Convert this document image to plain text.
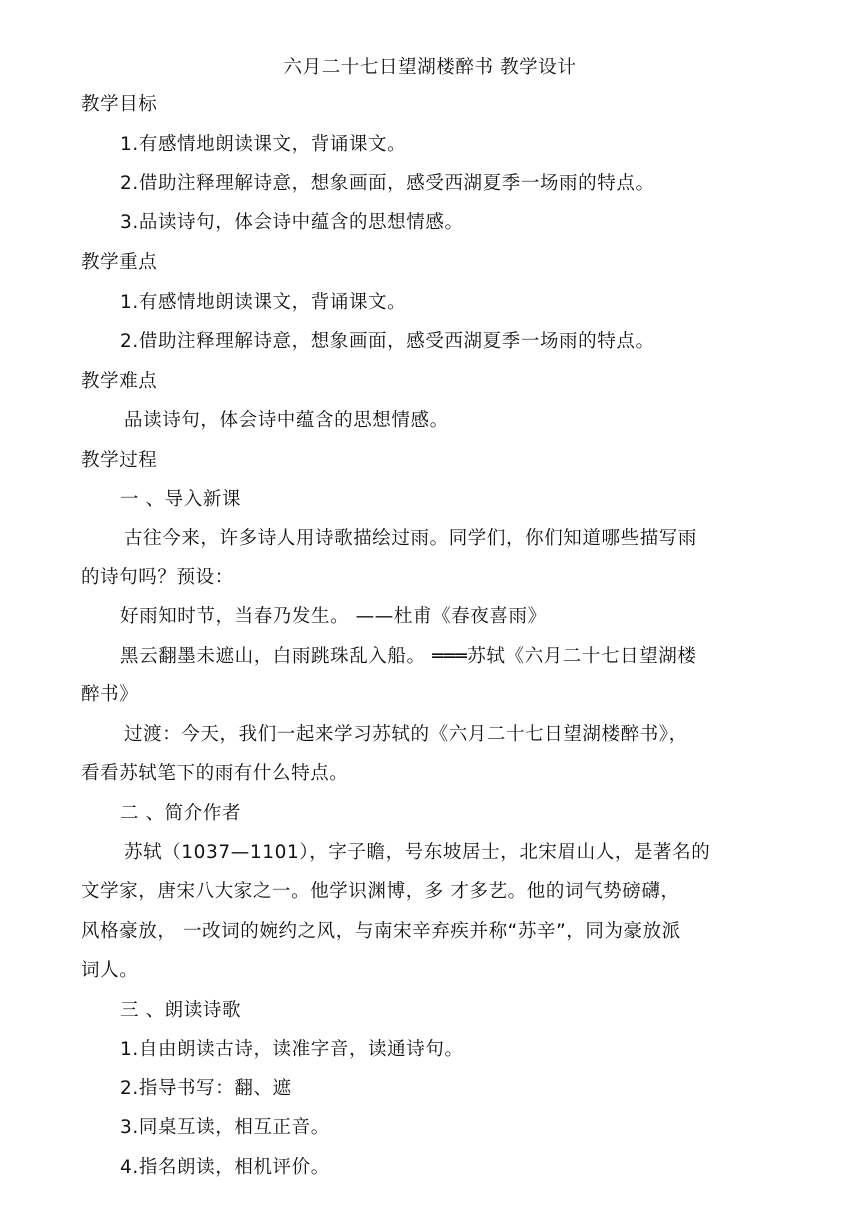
六月二十七日望湖楼醉书 教学设计
教学目标
1.有感情地朗读课文，背诵课文。
2.借助注释理解诗意，想象画面，感受西湖夏季一场雨的特点。
3.品读诗句，体会诗中蕴含的思想情感。
教学重点
1.有感情地朗读课文，背诵课文。
2.借助注释理解诗意，想象画面，感受西湖夏季一场雨的特点。
教学难点
品读诗句，体会诗中蕴含的思想情感。
教学过程
一 、导入新课
古往今来，许多诗人用诗歌描绘过雨。同学们，你们知道哪些描写雨
的诗句吗？预设：
好雨知时节，当春乃发生。 ——杜甫《春夜喜雨》
黑云翻墨未遮山，白雨跳珠乱入船。 ═══苏轼《六月二十七日望湖楼
醉书》
过渡：今天，我们一起来学习苏轼的《六月二十七日望湖楼醉书》，
看看苏轼笔下的雨有什么特点。
二 、简介作者
苏轼（1037—1101），字子瞻，号东坡居士，北宋眉山人，是著名的
文学家，唐宋八大家之一。他学识渊博，多 才多艺。他的词气势磅礴，
风格豪放， 一改词的婉约之风，与南宋辛弃疾并称“苏辛”，同为豪放派
词人。
三 、朗读诗歌
1.自由朗读古诗，读准字音，读通诗句。
2.指导书写：翻、遮
3.同桌互读，相互正音。
4.指名朗读，相机评价。
